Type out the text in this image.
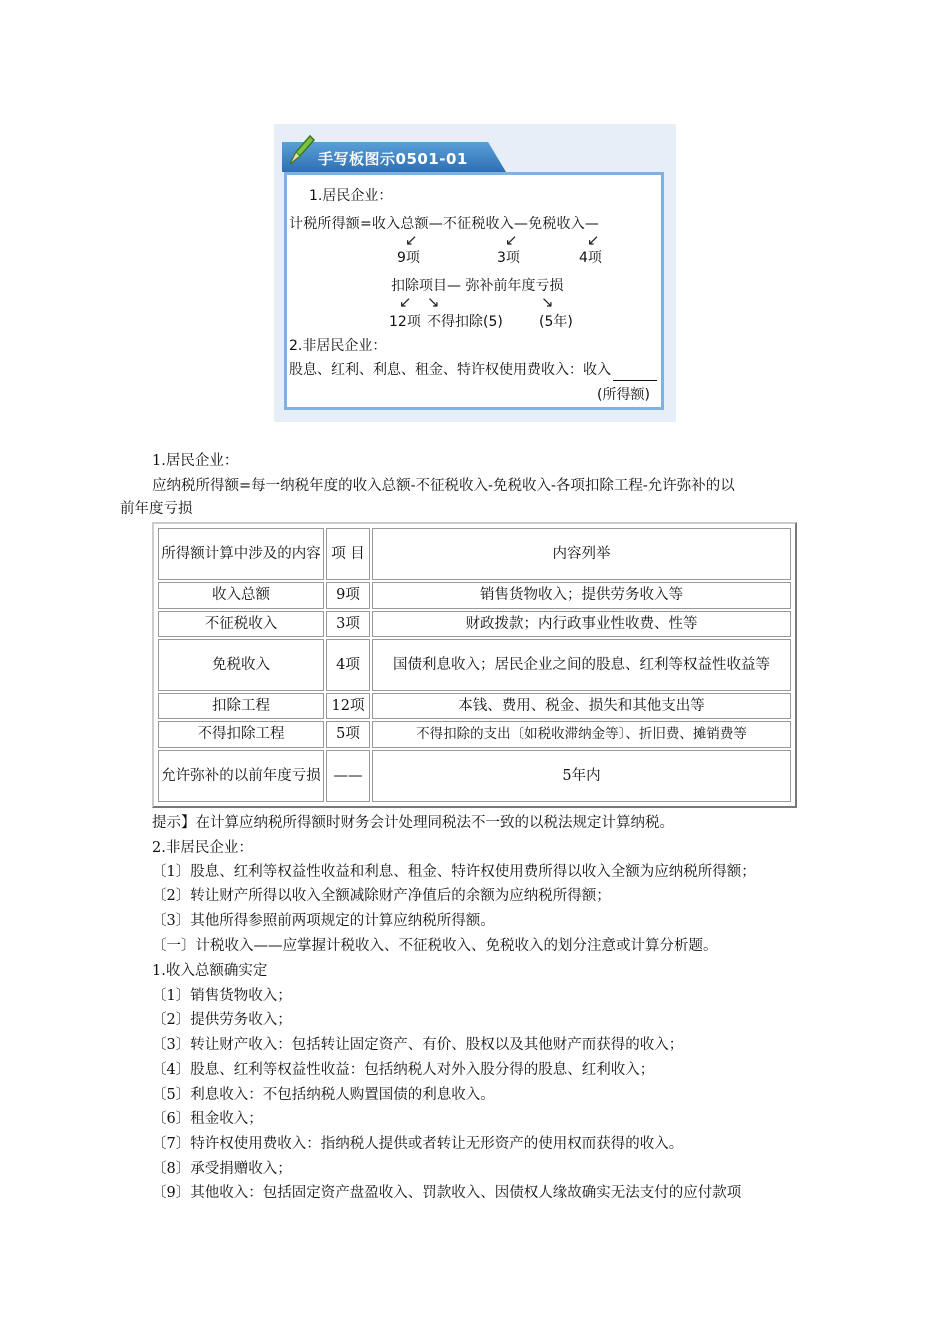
手写板图示0501-01
1.居民企业：
计税所得额=收入总额—不征税收入—免税收入—
↙	↙	↙
9项	3项	4项
扣除项目— 弥补前年度亏损
↙ ↘	↘
12项 不得扣除(5)	(5年)
2.非居民企业：
股息、红利、利息、租金、特许权使用费收入：收入
(所得额)
1.居民企业：
应纳税所得额=每一纳税年度的收入总额-不征税收入-免税收入-各项扣除工程-允许弥补的以
前年度亏损
所得额计算中涉及的内容	项 目	内容列举
收入总额	9项	销售货物收入；提供劳务收入等
不征税收入	3项	财政拨款；内行政事业性收费、性等
免税收入	4项	国债利息收入；居民企业之间的股息、红利等权益性收益等
扣除工程	12项	本钱、费用、税金、损失和其他支出等
不得扣除工程	5项	不得扣除的支出〔如税收滞纳金等〕、折旧费、摊销费等
允许弥补的以前年度亏损	——	5年内
提示】在计算应纳税所得额时财务会计处理同税法不一致的以税法规定计算纳税。
2.非居民企业：
〔1〕股息、红利等权益性收益和利息、租金、特许权使用费所得以收入全额为应纳税所得额；
〔2〕转让财产所得以收入全额减除财产净值后的余额为应纳税所得额；
〔3〕其他所得参照前两项规定的计算应纳税所得额。
〔一〕计税收入——应掌握计税收入、不征税收入、免税收入的划分注意或计算分析题。
1.收入总额确实定
〔1〕销售货物收入；
〔2〕提供劳务收入；
〔3〕转让财产收入：包括转让固定资产、有价、股权以及其他财产而获得的收入；
〔4〕股息、红利等权益性收益：包括纳税人对外入股分得的股息、红利收入；
〔5〕利息收入：不包括纳税人购置国债的利息收入。
〔6〕租金收入；
〔7〕特许权使用费收入：指纳税人提供或者转让无形资产的使用权而获得的收入。
〔8〕承受捐赠收入；
〔9〕其他收入：包括固定资产盘盈收入、罚款收入、因债权人缘故确实无法支付的应付款项
